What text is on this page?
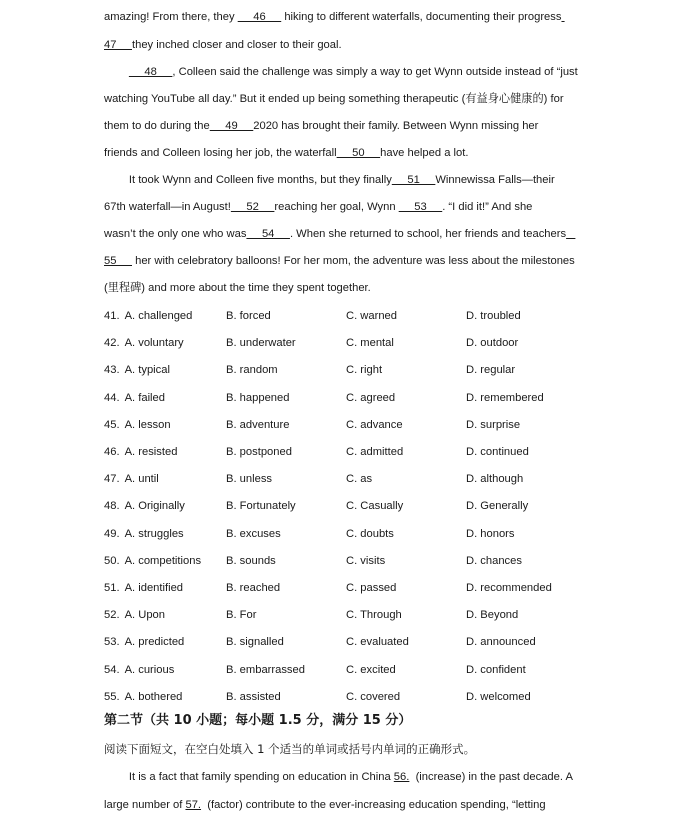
amazing! From there, they      46      hiking to different waterfalls, documenting their progress
47     they inched closer and closer to their goal.
48     , Colleen said the challenge was simply a way to get Wynn outside instead of “just
watching YouTube all day.” But it ended up being something therapeutic (有益身心健康的) for
them to do during the     49     2020 has brought their family. Between Wynn missing her
friends and Colleen losing her job, the waterfall     50     have helped a lot.
It took Wynn and Colleen five months, but they finally     51     Winnewissa Falls—their
67th waterfall—in August!     52     reaching her goal, Wynn      53     . “I did it!” And she
wasn’t the only one who was     54     . When she returned to school, her friends and teachers
55      her with celebratory balloons! For her mom, the adventure was less about the milestones
(里程碑) and more about the time they spent together.
41. A. challenged	B. forced	C. warned	D. troubled
42. A. voluntary	B. underwater	C. mental	D. outdoor
43. A. typical	B. random	C. right	D. regular
44. A. failed	B. happened	C. agreed	D. remembered
45. A. lesson	B. adventure	C. advance	D. surprise
46. A. resisted	B. postponed	C. admitted	D. continued
47. A. until	B. unless	C. as	D. although
48. A. Originally	B. Fortunately	C. Casually	D. Generally
49. A. struggles	B. excuses	C. doubts	D. honors
50. A. competitions B. sounds	C. visits	D. chances
51. A. identified	B. reached	C. passed	D. recommended
52. A. Upon	B. For	C. Through	D. Beyond
53. A. predicted	B. signalled	C. evaluated	D. announced
54. A. curious	B. embarrassed	C. excited	D. confident
55. A. bothered	B. assisted	C. covered	D. welcomed
第二节（共 10 小题；每小题 1.5 分，满分 15 分）
阅读下面短文，在空白处填入 1 个适当的单词或括号内单词的正确形式。
It is a fact that family spending on education in China 56.  (increase) in the past decade. A
large number of 57.  (factor) contribute to the ever-increasing education spending, “letting
